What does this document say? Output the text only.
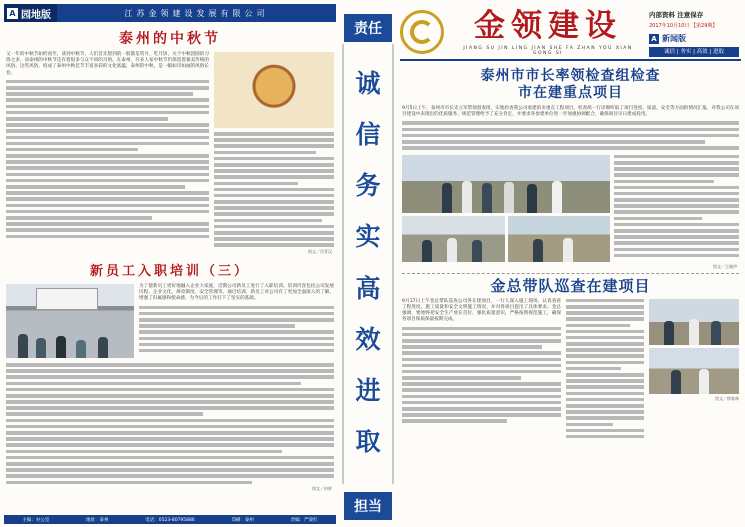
A 园地版	江苏金领建设发展有限公司
泰州的中秋节

又一年的中秋节如约而至，谈到中秋节，人们首先想到的一般都是赏月、吃月饼，关于中秋团圆的习俗之多，而泰州的中秋节还有着很多与众不同的习俗。在泰州，许多人家中秋节仍保留着兼美传统的风俗。这些风俗，构成了泰州中秋佳节丰富多彩的文化底蕴，泰州的中秋，是一幅如诗如画的风俗长卷。

图文／肖青汉
新员工入职培训（三）

为了使新员工更好地融入企业大家庭，近期公司新员工进行了入职培训。培训内容包括公司发展历程、企业文化、规章制度、安全管理等。通过培训，新员工对公司有了更加全面深入的了解，增强了归属感和使命感，为今后的工作打下了坚实的基础。

图文／何婷
主编：办公室	地址：泰州	电话：0523-80795886	印刷：泰州	责编：严爱红
责任
诚
信
务
实
高
效
进
取
担当
金领建设
JIANG SU JIN LING JIAN SHE FA ZHAN YOU XIAN GONG SI
内部资料 注意保存
2017年10月10日 【第29期】
A 新闻版
诚信 | 务实 | 高效 | 进取
泰州市市长率领检查组检查
市在建重点项目

9月5日上午，泰州市市长史立军带领督查组，实地检查我公司承建的市重点工程项目。检查组一行详细听取了项目进度、质量、安全等方面的情况汇报，对我公司在项目建设中表现出的优质服务、规范管理给予了充分肯定，并要求各参建单位进一步加强协调配合，确保项目早日建成投用。

图文／王晓伊
金总带队巡查在建项目

9月17日上午金总带队巡查公司各在建项目，一行人深入施工现场，认真查看工程进度、施工质量和安全文明施工情况，并对各项目提出了具体要求。金总强调，要始终把安全生产放在首位，强化质量意识，严格按照规范施工，确保各项目保质保量按期完成。

图文／徐春林
